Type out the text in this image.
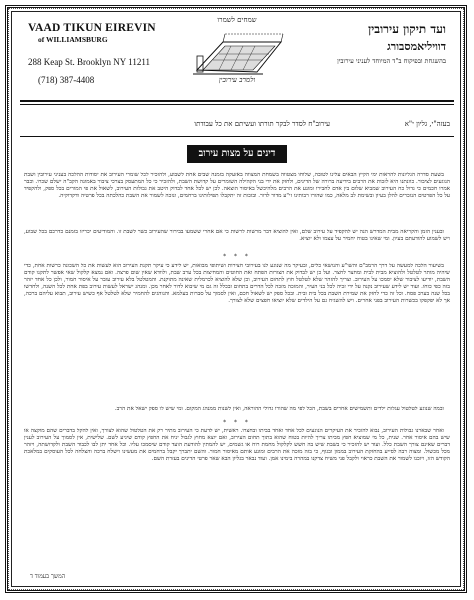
VAAD TIKUN EIREVIN
of WILLIAMSBURG
288 Keap St. Brooklyn NY 11211
(718) 387-4408
שמחים לשמרו
ולמרב עירובין
ועד תיקון עירובין
דוויליאמסבורג
בהשגחת ובפיקוח ב"ד המיוחד לעניני עירובין
בעזה"י, גליון י"א
עירוב"ח לסדר לבקר תורתו ועשיתם את כל עבודתו
דינים על מצות עירוב

בשעת סדרה הגליונות להראות ימי הקיץ הבאים עלינו לטובה, שלוחו מצטווה בשמחת המצווה באזעקה בזמנה שבים אחת לשבוע, ולהזכיר לכל שומרי העירוב את יסודות ההלכה בעניני עירובין ושבת הנוגעים לציבור. כוונתנו היא לזכות את הרבים בידיעה ברורה של הדינים, ולחזק את ידי בני הקהילה השומרים על קדושת השבת, ולהזכיר כי כל המתעסק בצרכי ציבור באמונה הקב"ה ישלם שכרו. וכבר אמרו חכמים כי גדול כח העירוב שמביא שלום בין אדם לחבירו ומונע את הרבים מלהיכשל באיסור הוצאה. לכן יש לכל אחד לבדוק היטב את גבולות העירוב, לשאול את פי המורים בכל ספק, ולהקפיד על כל הפרטים הנזכרים להלן בעיון ובשימת לב מלאה, כמו שהורו רבותינו זי"ע מדור לדור. ובזכות זה יתקבלו תפילותינו ברחמים, ונזכה לשמור את השבת כהלכתה בכל פרטיה ודקדוקיה.

ובענין הזמן והקריאה מבית המדרש הנה יש להקפיד על עירוב שלם, ואין להוציא דבר מרשות לרשות כי אם אחרי ששמעו בבירור שהעירוב כשר לשבת זו. והמודיעים יכריזו בזמנם כדרכם בכל שבוע, ויש לשמוע להודעתם בעיון. ומי שאינו בטוח יחמיר על עצמו ולא יוציא.

* * *

בשיעור הלכה למעשה על דרך הרמב"ם והשו"ע והנושאי כלים, ובעיקר מה שנוגע לנו בעירובי חצירות ושיתופי מבואות, יש לידע כי עיקר תקנת העירוב הוא לעשות את כל השכונה כרשות אחת, כדי שיהיה מותר לטלטל ולהוציא מבית לבית ומחצר לחצר. ועל כן יש לבדוק את הצורות הפתח ואת החוטים והמחיצות בכל ערב שבת, ולוודא שאין שום פרצה. ואם נמצא קלקול שאי אפשר לתקנו קודם השבת, יודיעו לציבור שלא יסמכו על העירוב. וצריך להזהר שלא לטלטל חוץ לתחום העירוב, וכן שלא להוציא לכרמלית שאינה מתוקנת. והמטלטל בלא עירוב עובר על איסור חמור, ולכן כל אחד יזהר בזה כפי כוחו. ועוד יש לידע שעירוב נקנה על ידי זכיה לכל בני העיר, והמזכה מזכה לכל הדרים בתחום ובכלל זה גם מי שיבוא לדור לאחר מכן. ומנהג ישראל לעשות עירוב בפת אחת לכל השנה, ולחדשו בכל שנה בערב פסח. וכל זה כדי לחזק את שמירת השבת בכל בית ובית. ובכל ספק יש לשאול חכם, ואין לסמוך על סברות בעלמא. והנוהגים להחמיר שלא לטלטל אף כשיש עירוב, תבוא עליהם ברכה, אך לא יפקפקו בכשרות העירוב בפני אחרים. ויש להשגיח גם על הילדים שלא יוציאו חפצים שלא לצורך.

ובמה שנוגע לטלטול עגלות ילדים ותשמישים אחרים בשבת, הכל לפי מה שהורו גדולי ההוראה, ואין לשנות ממנהג המקום. ומי שיש לו ספק ישאל את הרב.

* * *

ואחר שבארנו גבולות העירוב, נבוא להזכיר את העיקרים הנוגעים לכל אחד ואחד בביתו ובחצרו. ראשית, יש לדעת כי העירוב מתיר רק את הטלטול שהוא לצורך, ואין להקל בדברים שהם מוקצה או שיש בהם איסור אחר. שנית, כל מי שמוציא חפץ מביתו צריך להיות בטוח שהוא בתוך תחום העירוב, ואם יוצא מחוץ לגבול יניח את החפץ קודם שיגיע לשם. שלישית, אין לסמוך על העירוב לענין דברים שאינם צורך השבת כלל. ועוד יש להזכיר כי בשבת שיש בה חשש לקלקול מחמת רוח או גשמים, יש להמתין להודעת הועד קודם שיסמכו עליו. וכל אחד יתן לבו לכבוד השבת ולקדושתה, ויזהר מכל מכשול. ומצוה רבה לסייע בהחזקת העירוב בממון ובגוף, כי בזה מזכה את הרבים ומונע אותם מאיסור חמור. והשם יתברך יקבל ברחמים את מעשינו וישלח ברכה והצלחה לכל העוסקים במלאכת הקודש הזו, ויזכנו לשמור את השבת כראוי ולקבל פני משיח צדקנו במהרה בימינו אמן. ועוד נבאר בגליון הבא שאר פרטי הדינים בעזרת השם.

המשך בעמוד ד
